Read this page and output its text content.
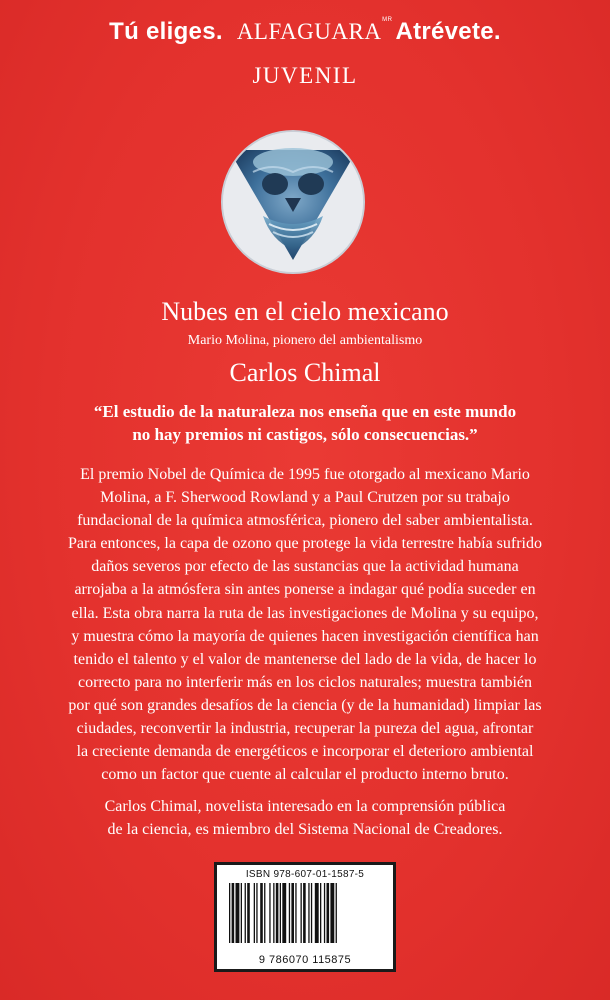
Tú eliges. ALFAGUARA MR Atrévete.
JUVENIL
Nubes en el cielo mexicano
Mario Molina, pionero del ambientalismo
Carlos Chimal
“El estudio de la naturaleza nos enseña que en este mundo
no hay premios ni castigos, sólo consecuencias.”
El premio Nobel de Química de 1995 fue otorgado al mexicano Mario
Molina, a F. Sherwood Rowland y a Paul Crutzen por su trabajo
fundacional de la química atmosférica, pionero del saber ambientalista.
Para entonces, la capa de ozono que protege la vida terrestre había sufrido
daños severos por efecto de las sustancias que la actividad humana
arrojaba a la atmósfera sin antes ponerse a indagar qué podía suceder en
ella. Esta obra narra la ruta de las investigaciones de Molina y su equipo,
y muestra cómo la mayoría de quienes hacen investigación científica han
tenido el talento y el valor de mantenerse del lado de la vida, de hacer lo
correcto para no interferir más en los ciclos naturales; muestra también
por qué son grandes desafíos de la ciencia (y de la humanidad) limpiar las
ciudades, reconvertir la industria, recuperar la pureza del agua, afrontar
la creciente demanda de energéticos e incorporar el deterioro ambiental
como un factor que cuente al calcular el producto interno bruto.
Carlos Chimal, novelista interesado en la comprensión pública
de la ciencia, es miembro del Sistema Nacional de Creadores.
ISBN 978-607-01-1587-5
9 786070 115875
